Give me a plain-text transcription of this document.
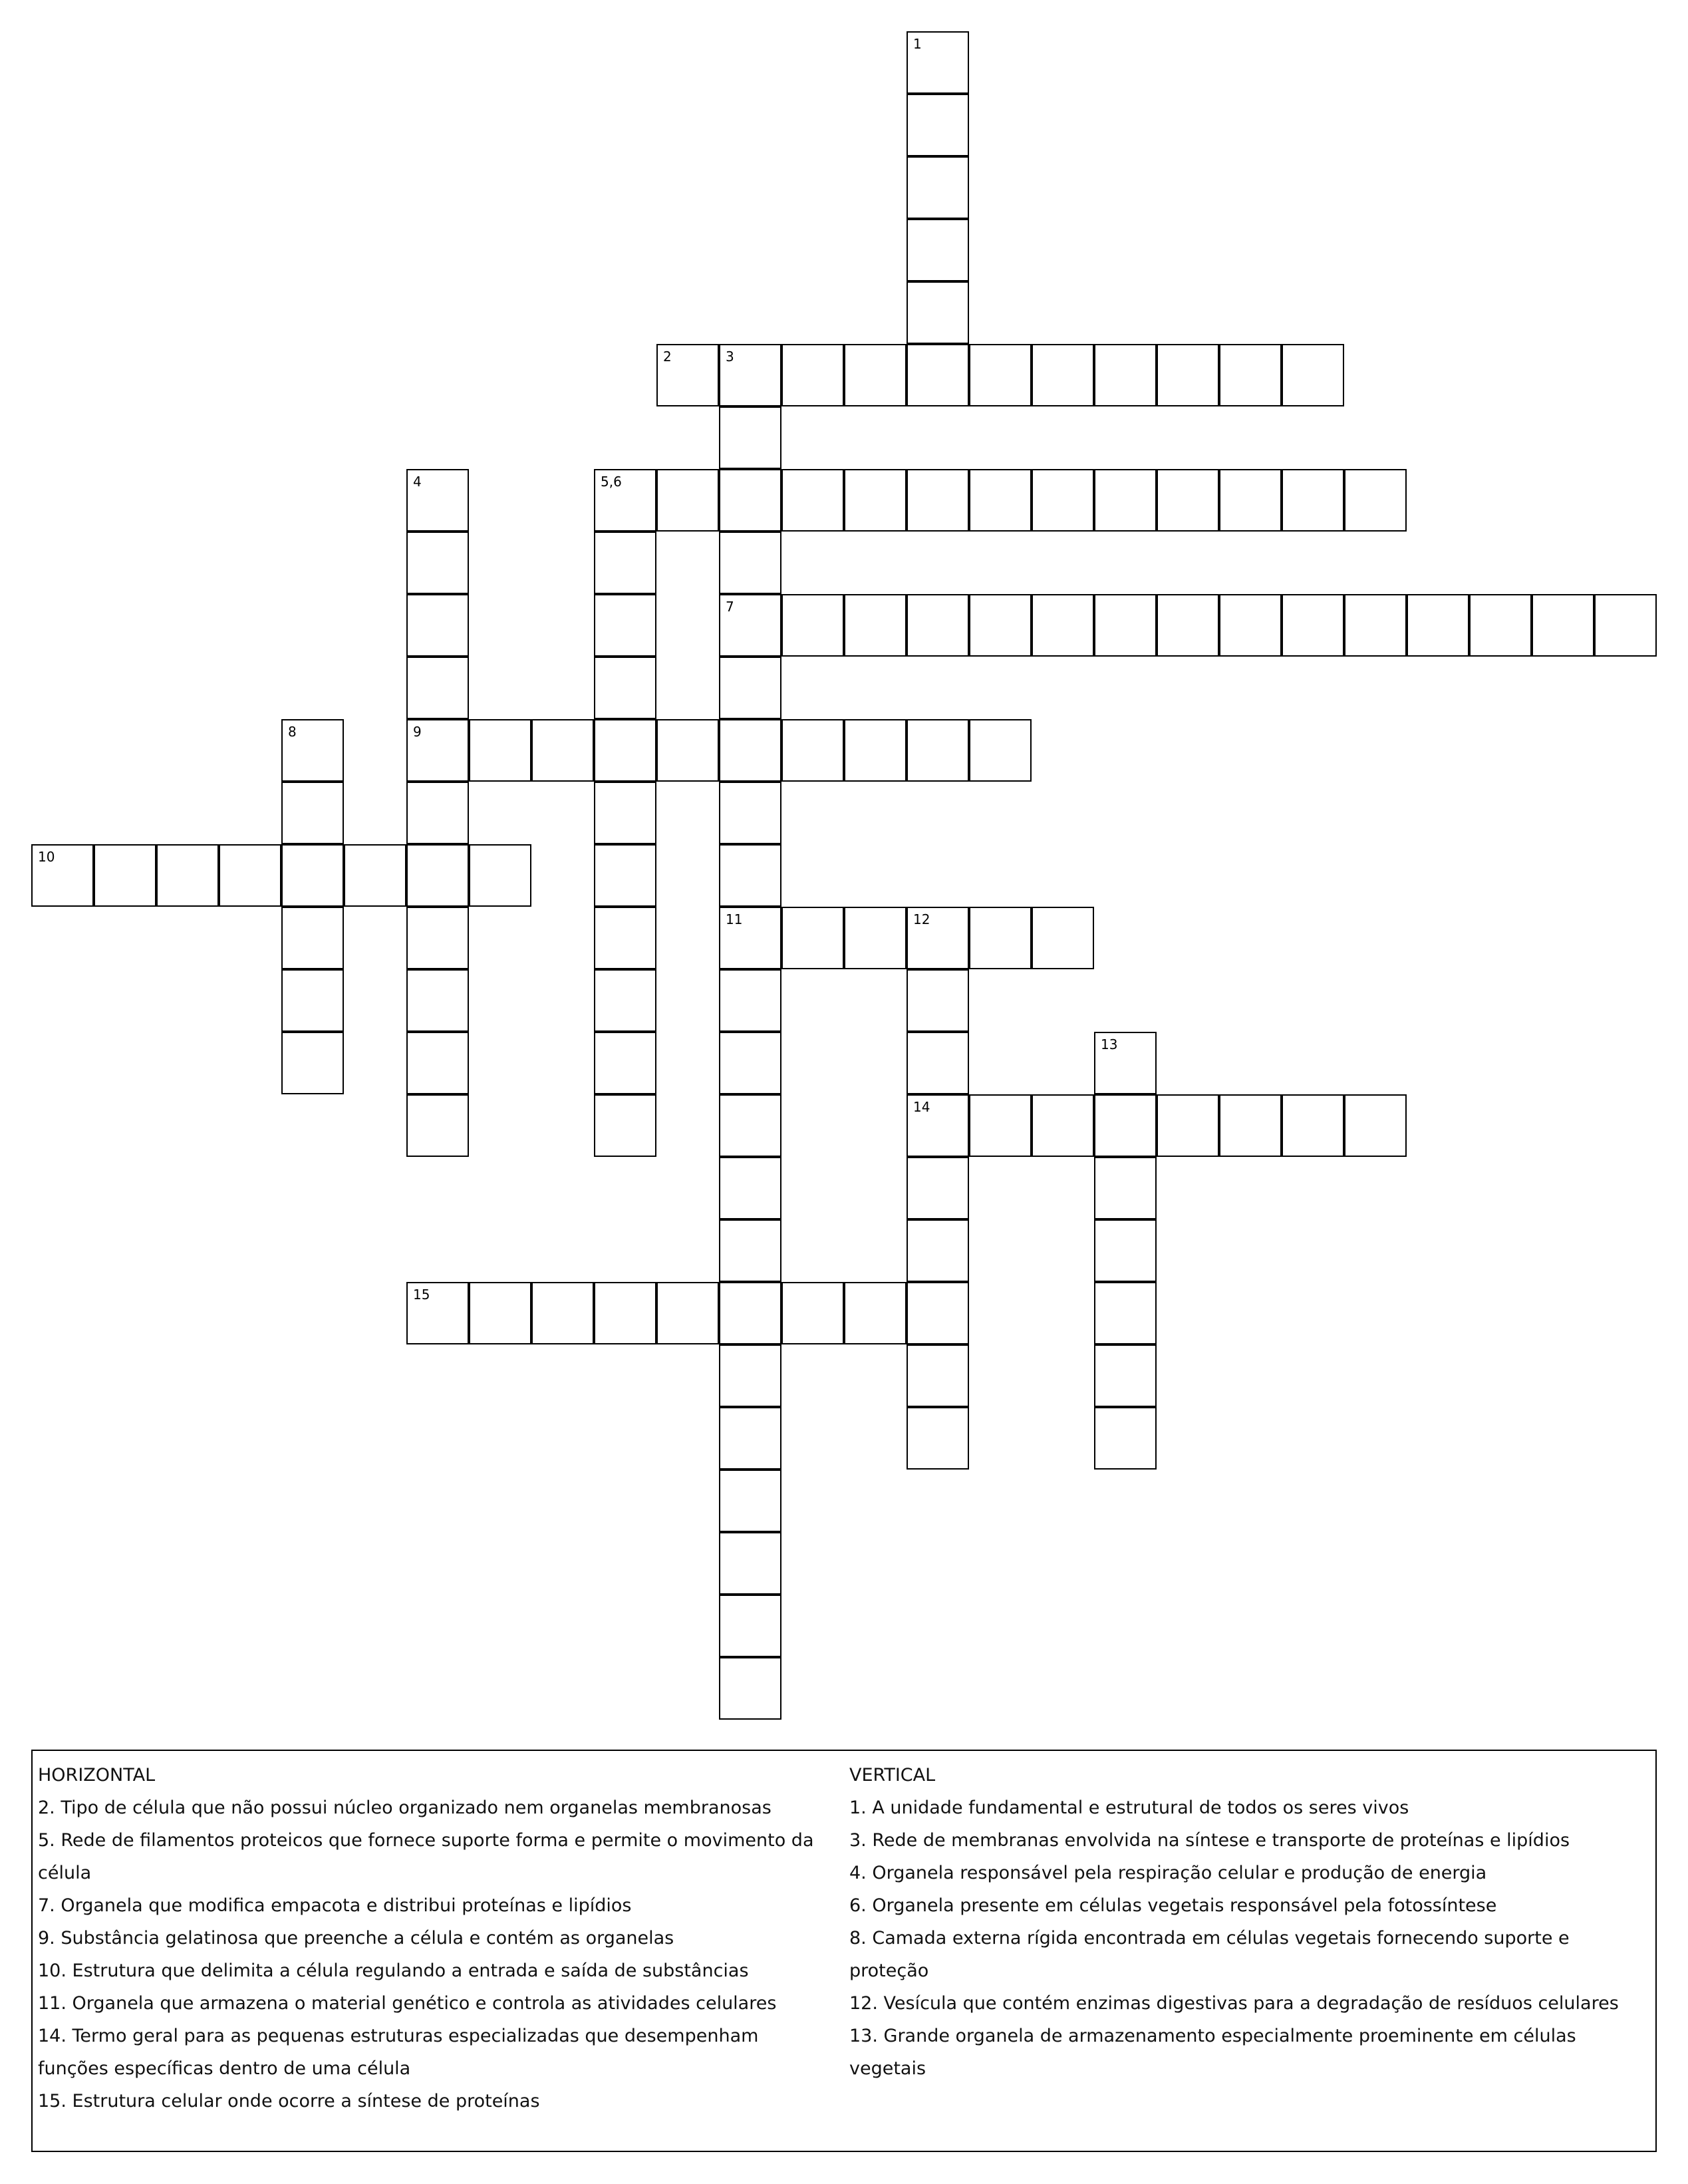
1
2	3
7
11
4
9
5,6
8
10
12
14
13
15
HORIZONTAL
2. Tipo de célula que não possui núcleo organizado nem organelas membranosas
5. Rede de filamentos proteicos que fornece suporte forma e permite o movimento da célula
7. Organela que modifica empacota e distribui proteínas e lipídios
9. Substância gelatinosa que preenche a célula e contém as organelas
10. Estrutura que delimita a célula regulando a entrada e saída de substâncias
11. Organela que armazena o material genético e controla as atividades celulares
14. Termo geral para as pequenas estruturas especializadas que desempenham funções específicas dentro de uma célula
15. Estrutura celular onde ocorre a síntese de proteínas
VERTICAL
1. A unidade fundamental e estrutural de todos os seres vivos
3. Rede de membranas envolvida na síntese e transporte de proteínas e lipídios
4. Organela responsável pela respiração celular e produção de energia
6. Organela presente em células vegetais responsável pela fotossíntese
8. Camada externa rígida encontrada em células vegetais fornecendo suporte e proteção
12. Vesícula que contém enzimas digestivas para a degradação de resíduos celulares
13. Grande organela de armazenamento especialmente proeminente em células vegetais
